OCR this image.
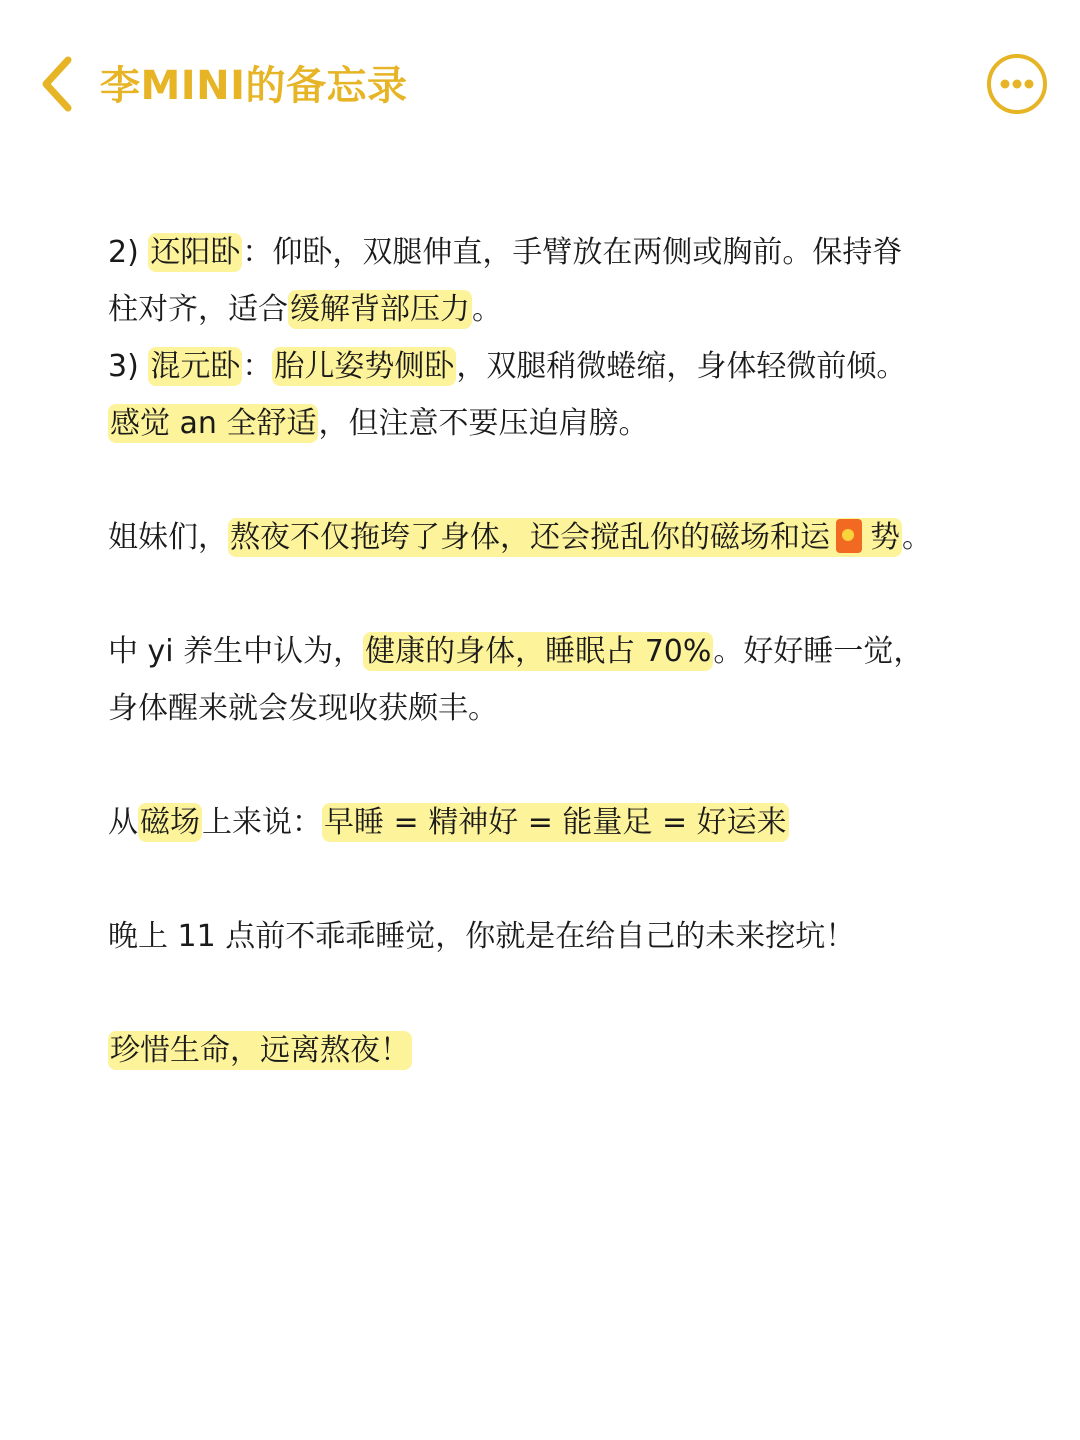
李MINI的备忘录

2) 还阳卧：仰卧，双腿伸直，手臂放在两侧或胸前。保持脊

柱对齐，适合缓解背部压力。

3) 混元卧：胎儿姿势侧卧，双腿稍微蜷缩，身体轻微前倾。

感觉 an 全舒适，但注意不要压迫肩膀。

姐妹们，熬夜不仅拖垮了身体，还会搅乱你的磁场和运 势。

中 yi 养生中认为，健康的身体，睡眠占 70%。好好睡一觉，

身体醒来就会发现收获颇丰。

从磁场上来说：早睡 = 精神好 = 能量足 = 好运来

晚上 11 点前不乖乖睡觉，你就是在给自己的未来挖坑！

珍惜生命，远离熬夜！
